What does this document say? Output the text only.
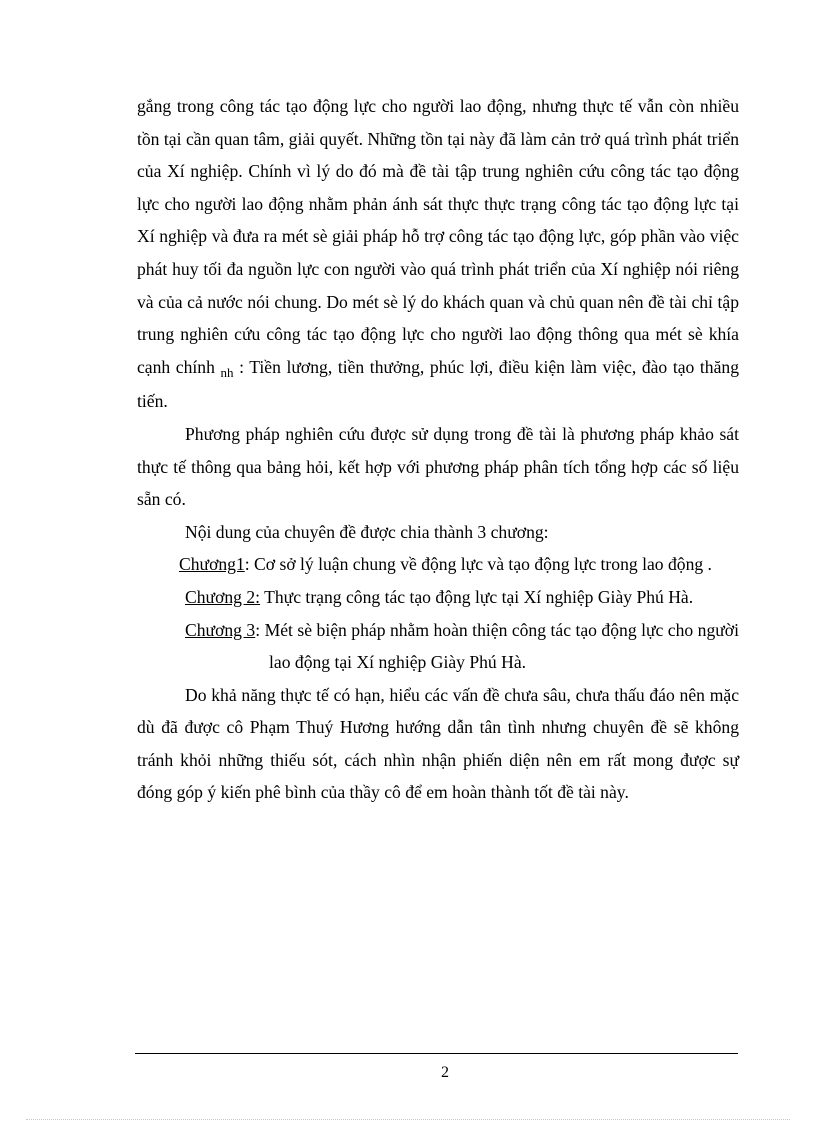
gắng trong công tác tạo động lực cho người lao động, nhưng thực tế vẫn còn nhiều tồn tại cần quan tâm, giải quyết. Những tồn tại này đã làm cản trở quá trình phát triển của Xí nghiệp. Chính vì lý do đó mà đề tài tập trung nghiên cứu công tác tạo động lực cho người lao động nhằm phản ánh sát thực thực trạng công tác tạo động lực tại Xí nghiệp và đưa ra mét sè giải pháp hỗ trợ công tác tạo động lực, góp phần vào việc phát huy tối đa nguồn lực con người vào quá trình phát triển của Xí nghiệp nói riêng và của cả nước nói chung. Do mét sè lý do khách quan và chủ quan nên đề tài chỉ tập trung nghiên cứu công tác tạo động lực cho người lao động thông qua mét sè khía cạnh chính $_{nh}$ : Tiền lương, tiền thưởng, phúc lợi, điều kiện làm việc, đào tạo thăng tiến.

Phương pháp nghiên cứu được sử dụng trong đề tài là phương pháp khảo sát thực tế thông qua bảng hỏi, kết hợp với phương pháp phân tích tổng hợp các số liệu sẵn có.

Nội dung của chuyên đề được chia thành 3 chương:

Chương1: Cơ sở lý luận chung về động lực và tạo động lực trong lao động .

Chương 2: Thực trạng công tác tạo động lực tại Xí nghiệp Giày Phú Hà.

Chương 3: Mét sè biện pháp nhằm hoàn thiện công tác tạo động lực cho người lao động tại Xí nghiệp Giày Phú Hà.

Do khả năng thực tế có hạn, hiểu các vấn đề chưa sâu, chưa thấu đáo nên mặc dù đã được cô Phạm Thuý Hương hướng dẫn tân tình nhưng chuyên đề sẽ không tránh khỏi những thiếu sót, cách nhìn nhận phiến diện nên em rất mong được sự đóng góp ý kiến phê bình của thầy cô để em hoàn thành tốt đề tài này.

2
